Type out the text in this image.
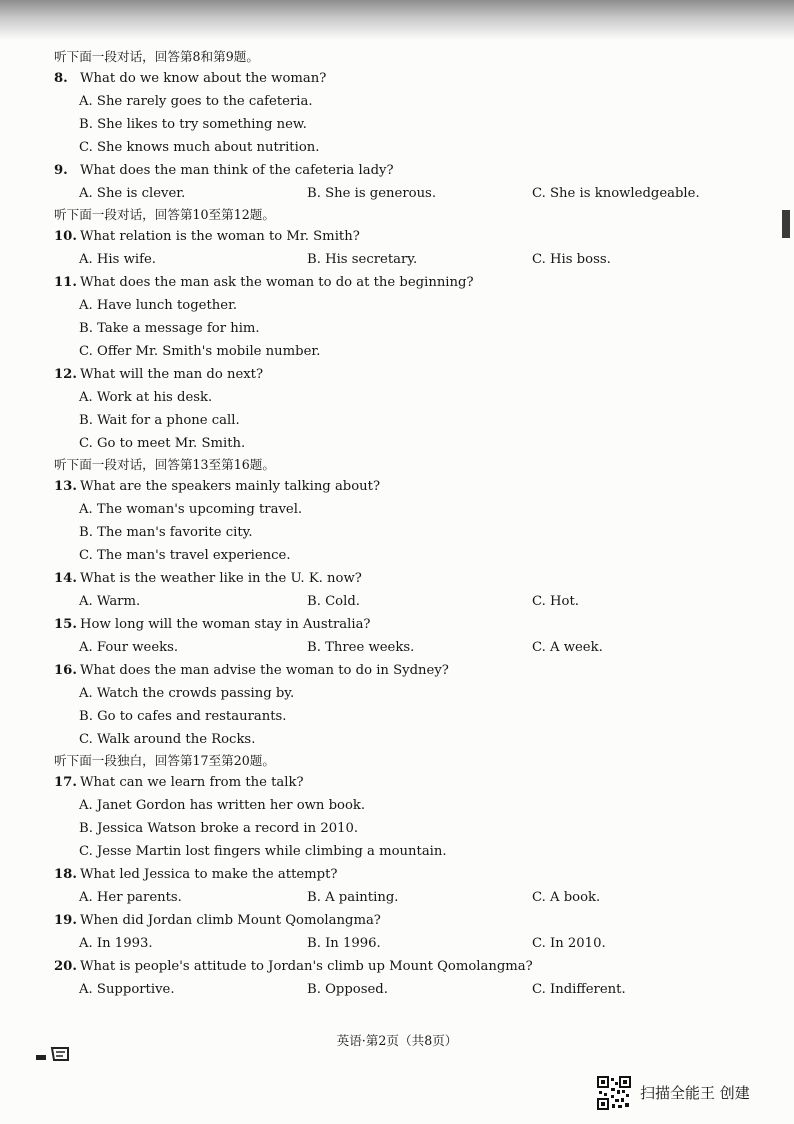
听下面一段对话，回答第8和第9题。
8. What do we know about the woman?
A. She rarely goes to the cafeteria.
B. She likes to try something new.
C. She knows much about nutrition.
9. What does the man think of the cafeteria lady?
A. She is clever.	B. She is generous.	C. She is knowledgeable.
听下面一段对话，回答第10至第12题。
10. What relation is the woman to Mr. Smith?
A. His wife.	B. His secretary.	C. His boss.
11. What does the man ask the woman to do at the beginning?
A. Have lunch together.
B. Take a message for him.
C. Offer Mr. Smith's mobile number.
12. What will the man do next?
A. Work at his desk.
B. Wait for a phone call.
C. Go to meet Mr. Smith.
听下面一段对话，回答第13至第16题。
13. What are the speakers mainly talking about?
A. The woman's upcoming travel.
B. The man's favorite city.
C. The man's travel experience.
14. What is the weather like in the U. K. now?
A. Warm.	B. Cold.	C. Hot.
15. How long will the woman stay in Australia?
A. Four weeks.	B. Three weeks.	C. A week.
16. What does the man advise the woman to do in Sydney?
A. Watch the crowds passing by.
B. Go to cafes and restaurants.
C. Walk around the Rocks.
听下面一段独白，回答第17至第20题。
17. What can we learn from the talk?
A. Janet Gordon has written her own book.
B. Jessica Watson broke a record in 2010.
C. Jesse Martin lost fingers while climbing a mountain.
18. What led Jessica to make the attempt?
A. Her parents.	B. A painting.	C. A book.
19. When did Jordan climb Mount Qomolangma?
A. In 1993.	B. In 1996.	C. In 2010.
20. What is people's attitude to Jordan's climb up Mount Qomolangma?
A. Supportive.	B. Opposed.	C. Indifferent.
英语·第2页（共8页）
扫描全能王 创建
